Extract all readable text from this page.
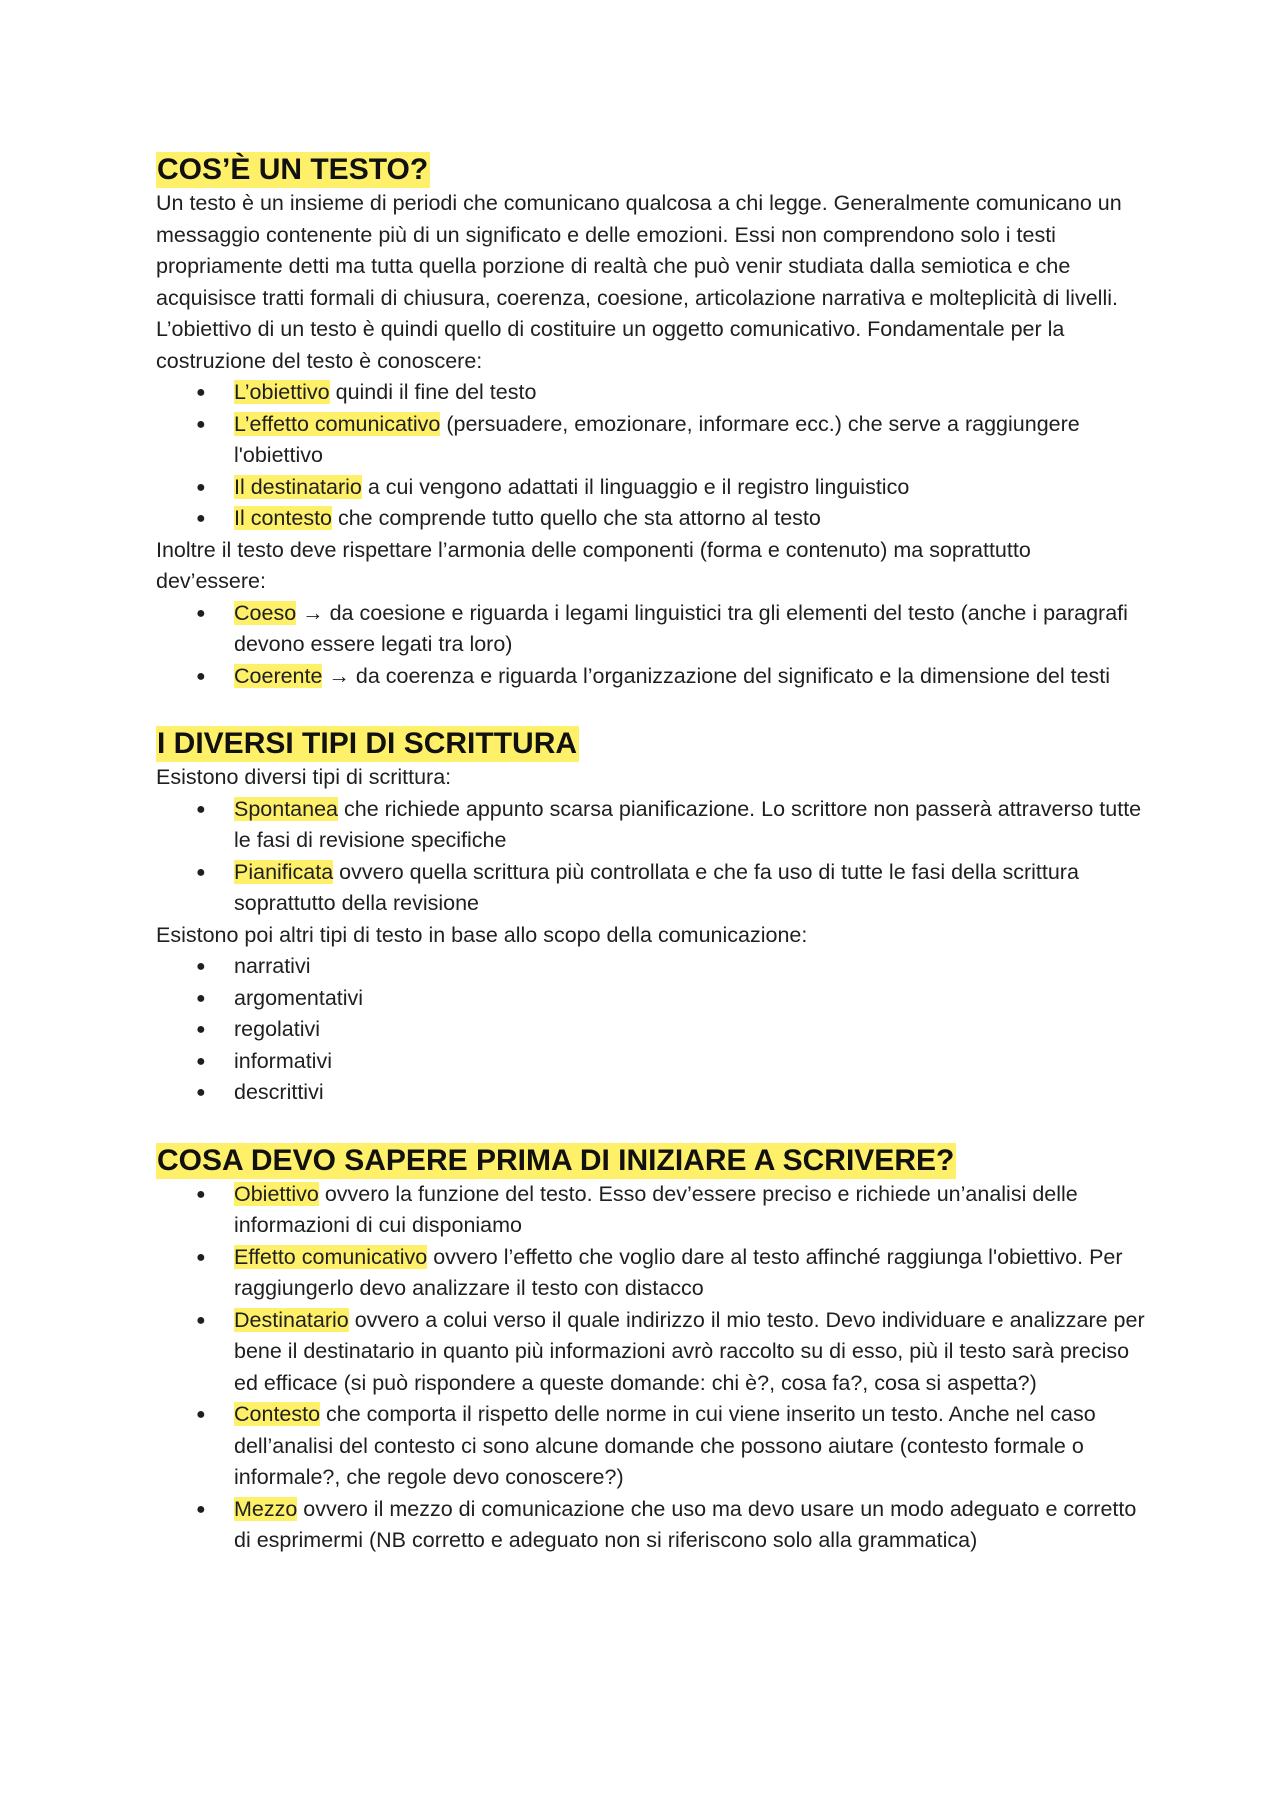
COS’È UN TESTO?

Un testo è un insieme di periodi che comunicano qualcosa a chi legge. Generalmente comunicano un messaggio contenente più di un significato e delle emozioni. Essi non comprendono solo i testi propriamente detti ma tutta quella porzione di realtà che può venir studiata dalla semiotica e che acquisisce tratti formali di chiusura, coerenza, coesione, articolazione narrativa e molteplicità di livelli. L’obiettivo di un testo è quindi quello di costituire un oggetto comunicativo. Fondamentale per la costruzione del testo è conoscere:

● L’obiettivo quindi il fine del testo
● L’effetto comunicativo (persuadere, emozionare, informare ecc.) che serve a raggiungere l'obiettivo
● Il destinatario a cui vengono adattati il linguaggio e il registro linguistico
● Il contesto che comprende tutto quello che sta attorno al testo

Inoltre il testo deve rispettare l’armonia delle componenti (forma e contenuto) ma soprattutto dev’essere:

● Coeso → da coesione e riguarda i legami linguistici tra gli elementi del testo (anche i paragrafi devono essere legati tra loro)
● Coerente → da coerenza e riguarda l’organizzazione del significato e la dimensione del testi
I DIVERSI TIPI DI SCRITTURA

Esistono diversi tipi di scrittura:

● Spontanea che richiede appunto scarsa pianificazione. Lo scrittore non passerà attraverso tutte le fasi di revisione specifiche
● Pianificata ovvero quella scrittura più controllata e che fa uso di tutte le fasi della scrittura soprattutto della revisione

Esistono poi altri tipi di testo in base allo scopo della comunicazione:

● narrativi
● argomentativi
● regolativi
● informativi
● descrittivi
COSA DEVO SAPERE PRIMA DI INIZIARE A SCRIVERE?
● Obiettivo ovvero la funzione del testo. Esso dev’essere preciso e richiede un’analisi delle informazioni di cui disponiamo
● Effetto comunicativo ovvero l’effetto che voglio dare al testo affinché raggiunga l'obiettivo. Per raggiungerlo devo analizzare il testo con distacco
● Destinatario ovvero a colui verso il quale indirizzo il mio testo. Devo individuare e analizzare per bene il destinatario in quanto più informazioni avrò raccolto su di esso, più il testo sarà preciso ed efficace (si può rispondere a queste domande: chi è?, cosa fa?, cosa si aspetta?)
● Contesto che comporta il rispetto delle norme in cui viene inserito un testo. Anche nel caso dell’analisi del contesto ci sono alcune domande che possono aiutare (contesto formale o informale?, che regole devo conoscere?)
● Mezzo ovvero il mezzo di comunicazione che uso ma devo usare un modo adeguato e corretto di esprimermi (NB corretto e adeguato non si riferiscono solo alla grammatica)
